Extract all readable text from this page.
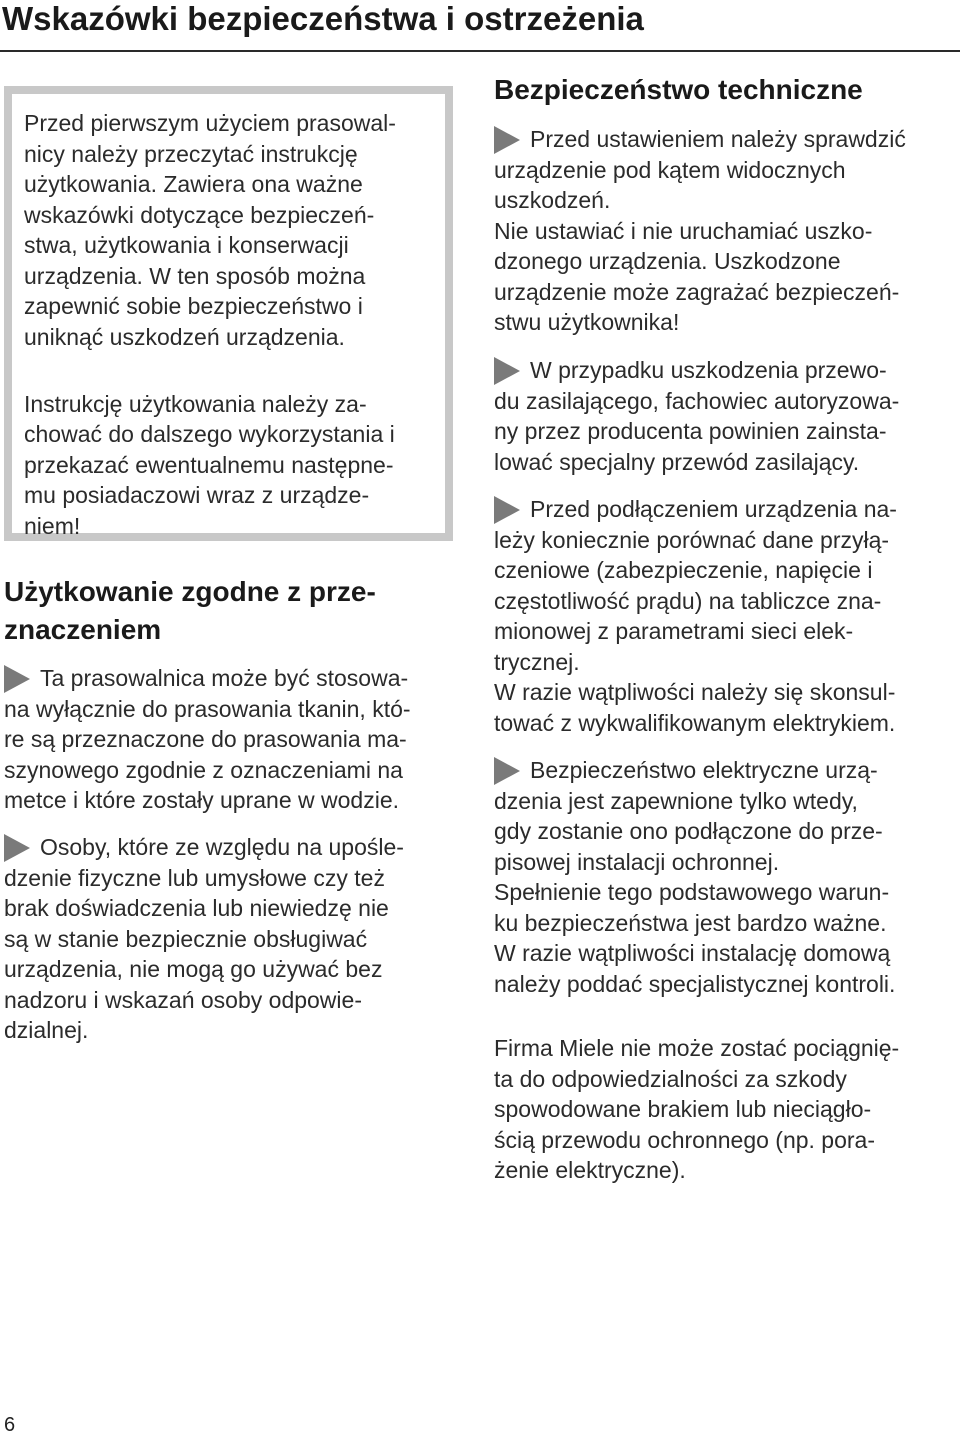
Wskazówki bezpieczeństwa i ostrzeżenia
Przed pierwszym użyciem prasowal-
nicy należy przeczytać instrukcję
użytkowania. Zawiera ona ważne
wskazówki dotyczące bezpieczeń-
stwa, użytkowania i konserwacji
urządzenia. W ten sposób można
zapewnić sobie bezpieczeństwo i
uniknąć uszkodzeń urządzenia.
Instrukcję użytkowania należy za-
chować do dalszego wykorzystania i
przekazać ewentualnemu następne-
mu posiadaczowi wraz z urządze-
niem!
Użytkowanie zgodne z prze-
znaczeniem
Ta prasowalnica może być stosowa-
na wyłącznie do prasowania tkanin, któ-
re są przeznaczone do prasowania ma-
szynowego zgodnie z oznaczeniami na
metce i które zostały uprane w wodzie.
Osoby, które ze względu na upośle-
dzenie fizyczne lub umysłowe czy też
brak doświadczenia lub niewiedzę nie
są w stanie bezpiecznie obsługiwać
urządzenia, nie mogą go używać bez
nadzoru i wskazań osoby odpowie-
dzialnej.
Bezpieczeństwo techniczne
Przed ustawieniem należy sprawdzić
urządzenie pod kątem widocznych
uszkodzeń.
Nie ustawiać i nie uruchamiać uszko-
dzonego urządzenia. Uszkodzone
urządzenie może zagrażać bezpieczeń-
stwu użytkownika!
W przypadku uszkodzenia przewo-
du zasilającego, fachowiec autoryzowa-
ny przez producenta powinien zainsta-
lować specjalny przewód zasilający.
Przed podłączeniem urządzenia na-
leży koniecznie porównać dane przyłą-
czeniowe (zabezpieczenie, napięcie i
częstotliwość prądu) na tabliczce zna-
mionowej z parametrami sieci elek-
trycznej.
W razie wątpliwości należy się skonsul-
tować z wykwalifikowanym elektrykiem.
Bezpieczeństwo elektryczne urzą-
dzenia jest zapewnione tylko wtedy,
gdy zostanie ono podłączone do prze-
pisowej instalacji ochronnej.
Spełnienie tego podstawowego warun-
ku bezpieczeństwa jest bardzo ważne.
W razie wątpliwości instalację domową
należy poddać specjalistycznej kontroli.
Firma Miele nie może zostać pociągnię-
ta do odpowiedzialności za szkody
spowodowane brakiem lub nieciągło-
ścią przewodu ochronnego (np. pora-
żenie elektryczne).
6
